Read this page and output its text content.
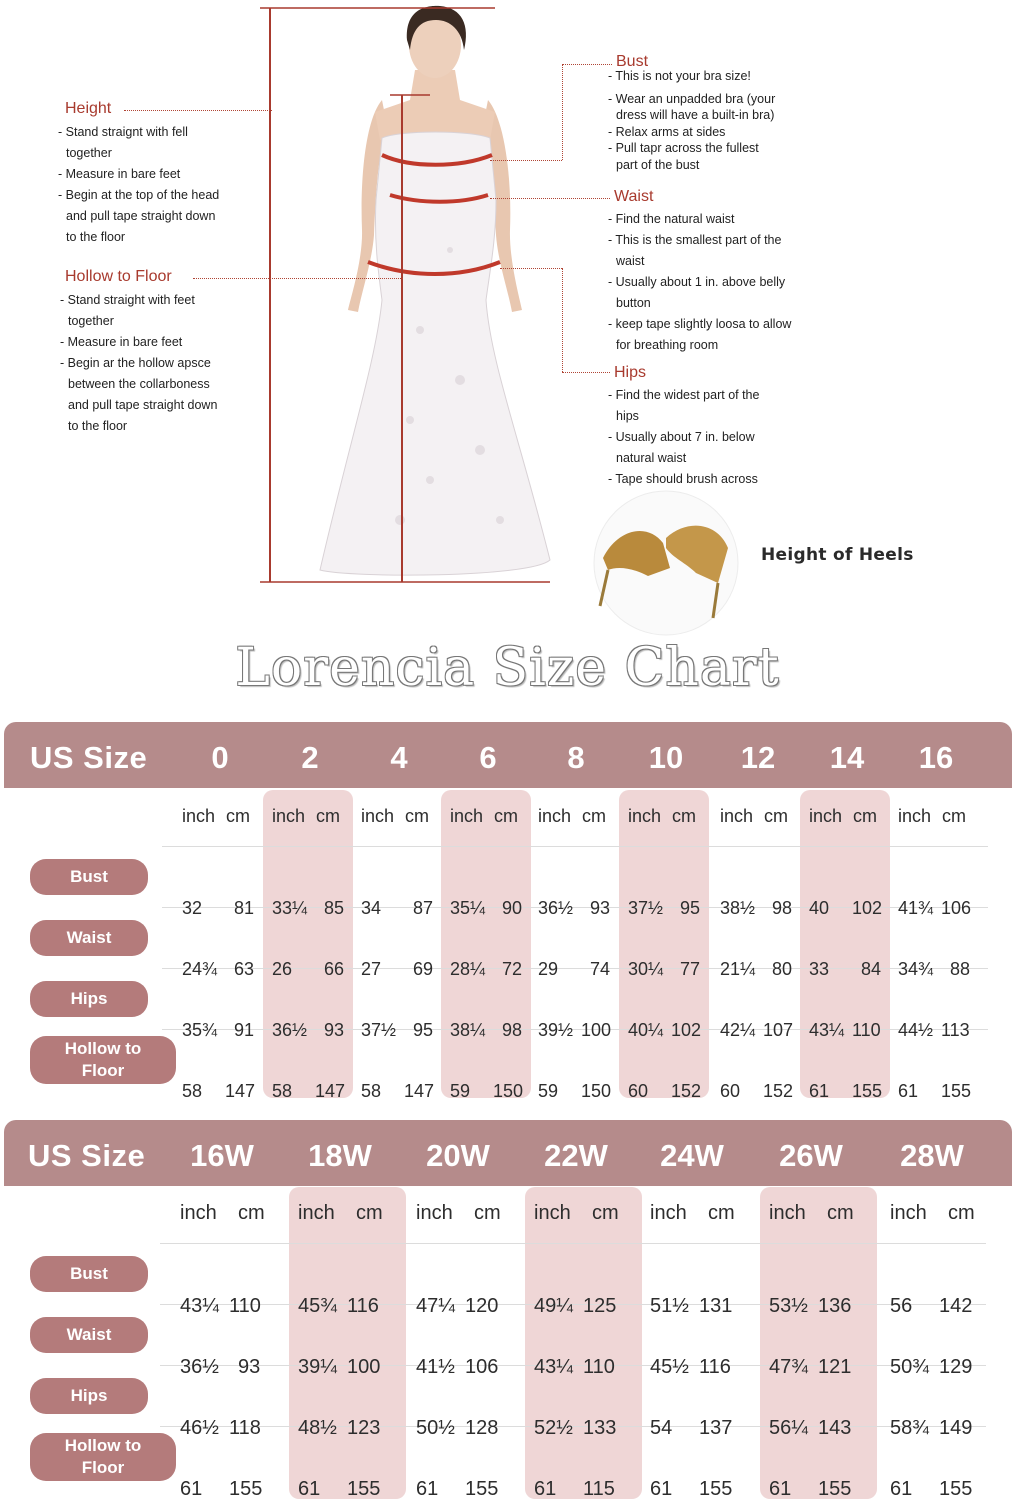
Height
- Stand straignt with fell
together
- Measure in bare feet
- Begin at the top of the head
and pull tape straight down
to the floor
Hollow to Floor
- Stand straight with feet
together
- Measure in bare feet
- Begin ar the hollow apsce
between the collarboness
and pull tape straight down
to the floor
Bust
- This is not your bra size!
- Wear an unpadded bra (your
dress will have a built-in bra)
- Relax arms at sides
- Pull tapr across the fullest
part of the bust
Waist
- Find the natural waist
- This is the smallest part of the
waist
- Usually about 1 in. above belly
button
- keep tape slightly loosa to allow
for breathing room
Hips
- Find the widest part of the
hips
- Usually about 7 in. below
natural waist
- Tape should brush across
Height of Heels
Lorencia Size Chart
US Size	0	2	4	6	8	10	12	14	16
inch cm inch cm inch cm inch cm inch cm inch cm inch cm inch cm inch cm
Bust
32 81 33¼ 85 34 87 35¼ 90 36½ 93 37½ 95 38½ 98 40 102 41¾ 106
Waist
24¾ 63 26 66 27 69 28¼ 72 29 74 30¼ 77 21¼ 80 33 84 34¾ 88
Hips
35¾ 91 36½ 93 37½ 95 38¼ 98 39½ 100 40¼ 102 42¼ 107 43¼ 110 44½ 113
Hollow to Floor
58 147 58 147 58 147 59 150 59 150 60 152 60 152 61 155 61 155
US Size	16W	18W	20W	22W	24W	26W	28W
inch cm inch cm inch cm inch cm inch cm inch cm inch cm
Bust
43¼ 110 45¾ 116 47¼ 120 49¼ 125 51½ 131 53½ 136 56 142
Waist
36½ 93 39¼ 100 41½ 106 43¼ 110 45½ 116 47¾ 121 50¾ 129
Hips
46½ 118 48½ 123 50½ 128 52½ 133 54 137 56¼ 143 58¾ 149
Hollow to Floor
61 155 61 155 61 155 61 115 61 155 61 155 61 155
